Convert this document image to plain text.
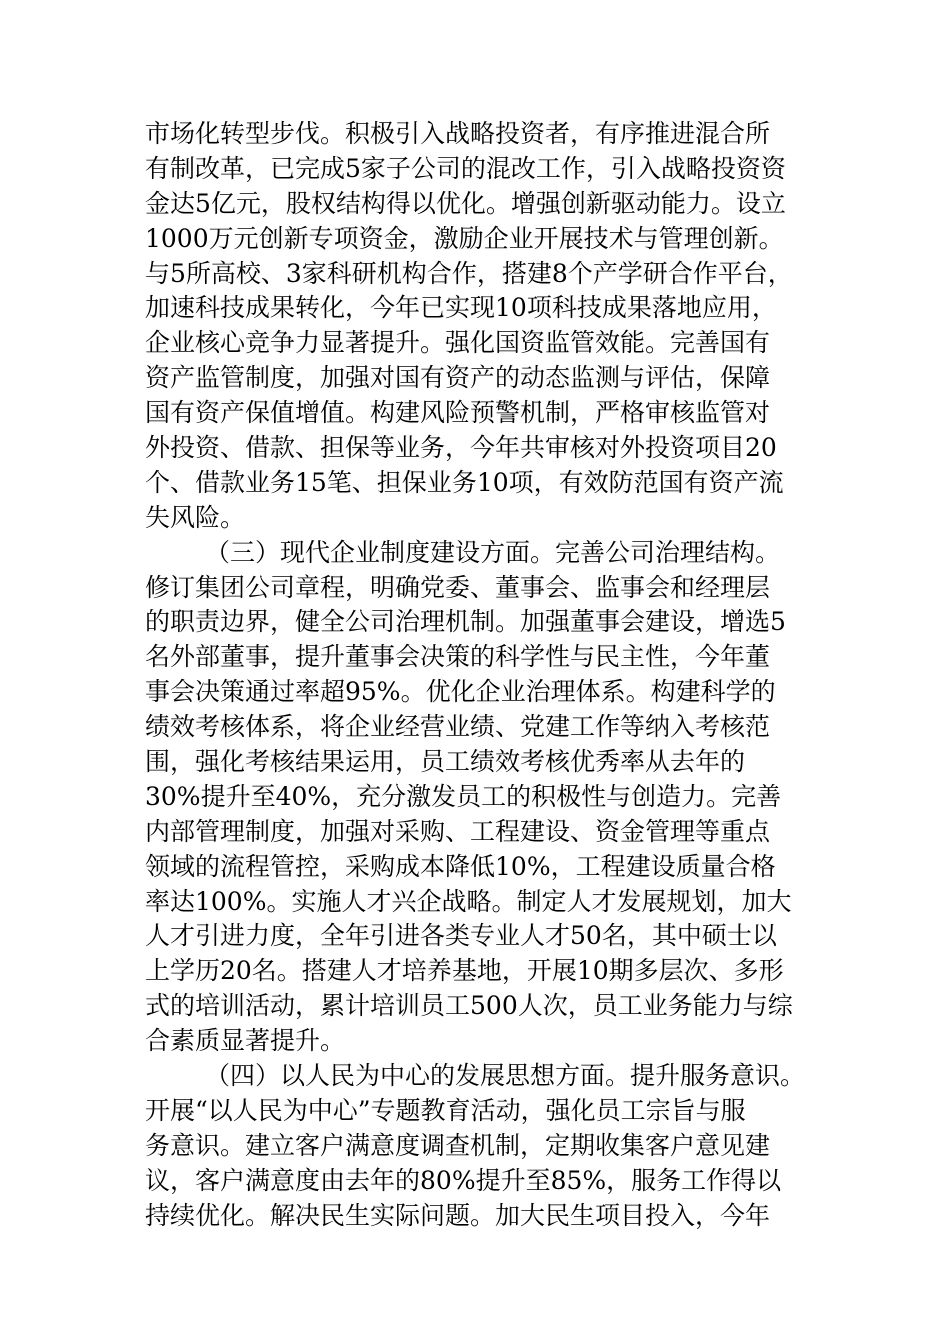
市场化转型步伐。积极引入战略投资者，有序推进混合所
有制改革，已完成5家子公司的混改工作，引入战略投资资
金达5亿元，股权结构得以优化。增强创新驱动能力。设立
1000万元创新专项资金，激励企业开展技术与管理创新。
与5所高校、3家科研机构合作，搭建8个产学研合作平台，
加速科技成果转化，今年已实现10项科技成果落地应用，
企业核心竞争力显著提升。强化国资监管效能。完善国有
资产监管制度，加强对国有资产的动态监测与评估，保障
国有资产保值增值。构建风险预警机制，严格审核监管对
外投资、借款、担保等业务，今年共审核对外投资项目20
个、借款业务15笔、担保业务10项，有效防范国有资产流
失风险。
（三）现代企业制度建设方面。完善公司治理结构。
修订集团公司章程，明确党委、董事会、监事会和经理层
的职责边界，健全公司治理机制。加强董事会建设，增选5
名外部董事，提升董事会决策的科学性与民主性，今年董
事会决策通过率超95%。优化企业治理体系。构建科学的
绩效考核体系，将企业经营业绩、党建工作等纳入考核范
围，强化考核结果运用，员工绩效考核优秀率从去年的
30%提升至40%，充分激发员工的积极性与创造力。完善
内部管理制度，加强对采购、工程建设、资金管理等重点
领域的流程管控，采购成本降低10%，工程建设质量合格
率达100%。实施人才兴企战略。制定人才发展规划，加大
人才引进力度，全年引进各类专业人才50名，其中硕士以
上学历20名。搭建人才培养基地，开展10期多层次、多形
式的培训活动，累计培训员工500人次，员工业务能力与综
合素质显著提升。
（四）以人民为中心的发展思想方面。提升服务意识。
开展“以人民为中心”专题教育活动，强化员工宗旨与服
务意识。建立客户满意度调查机制，定期收集客户意见建
议，客户满意度由去年的80%提升至85%，服务工作得以
持续优化。解决民生实际问题。加大民生项目投入，今年
